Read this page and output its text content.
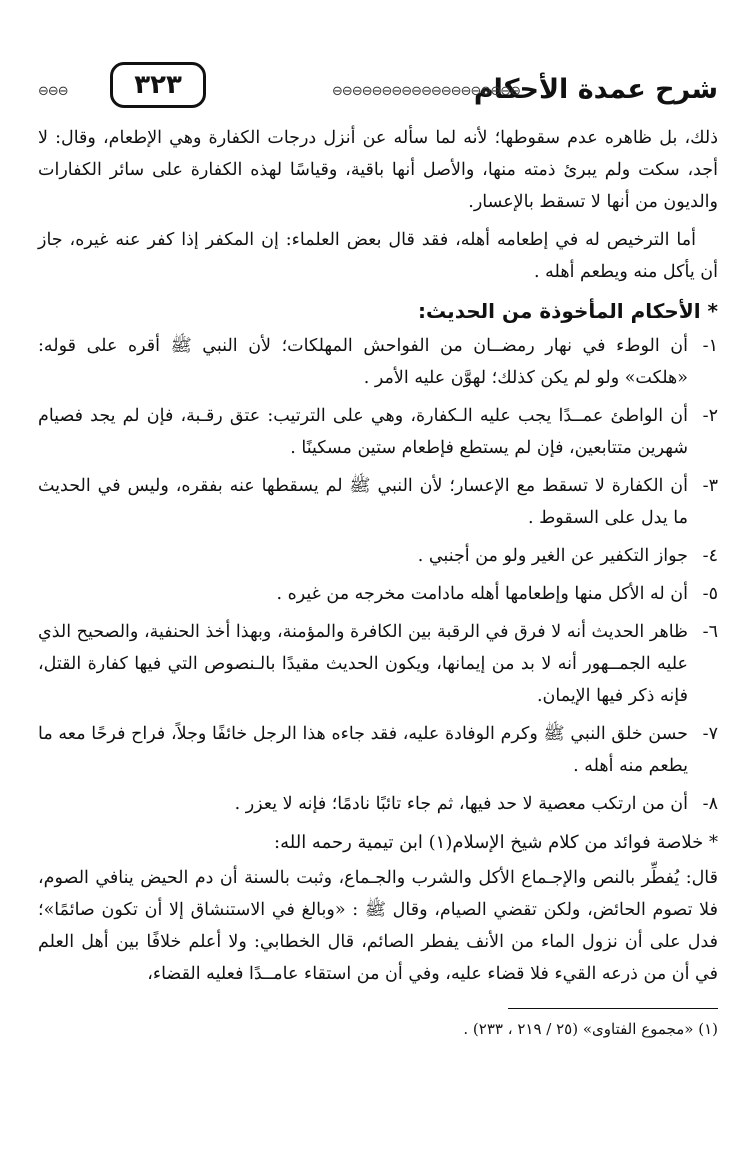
شرح عمدة الأحكام
⊖⊖⊖⊖⊖⊖⊖⊖⊖⊖⊖⊖⊖⊖⊖⊖⊖⊖⊖
٣٢٣
⊖⊖⊖

ذلك، بل ظاهره عدم سقوطها؛ لأنه لما سأله عن أنزل درجات الكفارة وهي الإطعام، وقال: لا أجد، سكت ولم يبرئ ذمته منها، والأصل أنها باقية، وقياسًا لهذه الكفارة على سائر الكفارات والديون من أنها لا تسقط بالإعسار.

أما الترخيص له في إطعامه أهله، فقد قال بعض العلماء: إن المكفر إذا كفر عنه غيره، جاز أن يأكل منه ويطعم أهله .

* الأحكام المأخوذة من الحديث:
١-
أن الوطء في نهار رمضــان من الفواحش المهلكات؛ لأن النبي ﷺ أقره على قوله: «هلكت» ولو لم يكن كذلك؛ لهوَّن عليه الأمر .
٢-
أن الواطئ عمــدًا يجب عليه الـكفارة، وهي على الترتيب: عتق رقـبة، فإن لم يجد فصيام شهرين متتابعين، فإن لم يستطع فإطعام ستين مسكينًا .
٣-
أن الكفارة لا تسقط مع الإعسار؛ لأن النبي ﷺ لم يسقطها عنه بفقره، وليس في الحديث ما يدل على السقوط .
٤-
جواز التكفير عن الغير ولو من أجنبي .
٥-
أن له الأكل منها وإطعامها أهله مادامت مخرجه من غيره .
٦-
ظاهر الحديث أنه لا فرق في الرقبة بين الكافرة والمؤمنة، وبهذا أخذ الحنفية، والصحيح الذي عليه الجمــهور أنه لا بد من إيمانها، ويكون الحديث مقيدًا بالـنصوص التي فيها كفارة القتل، فإنه ذكر فيها الإيمان.
٧-
حسن خلق النبي ﷺ وكرم الوفادة عليه، فقد جاءه هذا الرجل خائفًا وجلاً، فراح فرحًا معه ما يطعم منه أهله .
٨-
أن من ارتكب معصية لا حد فيها، ثم جاء تائبًا نادمًا؛ فإنه لا يعزر .
* خلاصة فوائد من كلام شيخ الإسلام(١) ابن تيمية رحمه الله:

قال: يُفطِّر بالنص والإجـماع الأكل والشرب والجـماع، وثبت بالسنة أن دم الحيض ينافي الصوم، فلا تصوم الحائض، ولكن تقضي الصيام، وقال ﷺ : «وبالغ في الاستنشاق إلا أن تكون صائمًا»؛ فدل على أن نزول الماء من الأنف يفطر الصائم، قال الخطابي: ولا أعلم خلافًا بين أهل العلم في أن من ذرعه القيء فلا قضاء عليه، وفي أن من استقاء عامــدًا فعليه القضاء،

(١) «مجموع الفتاوى» (٢٥ / ٢١٩ ، ٢٣٣) .
